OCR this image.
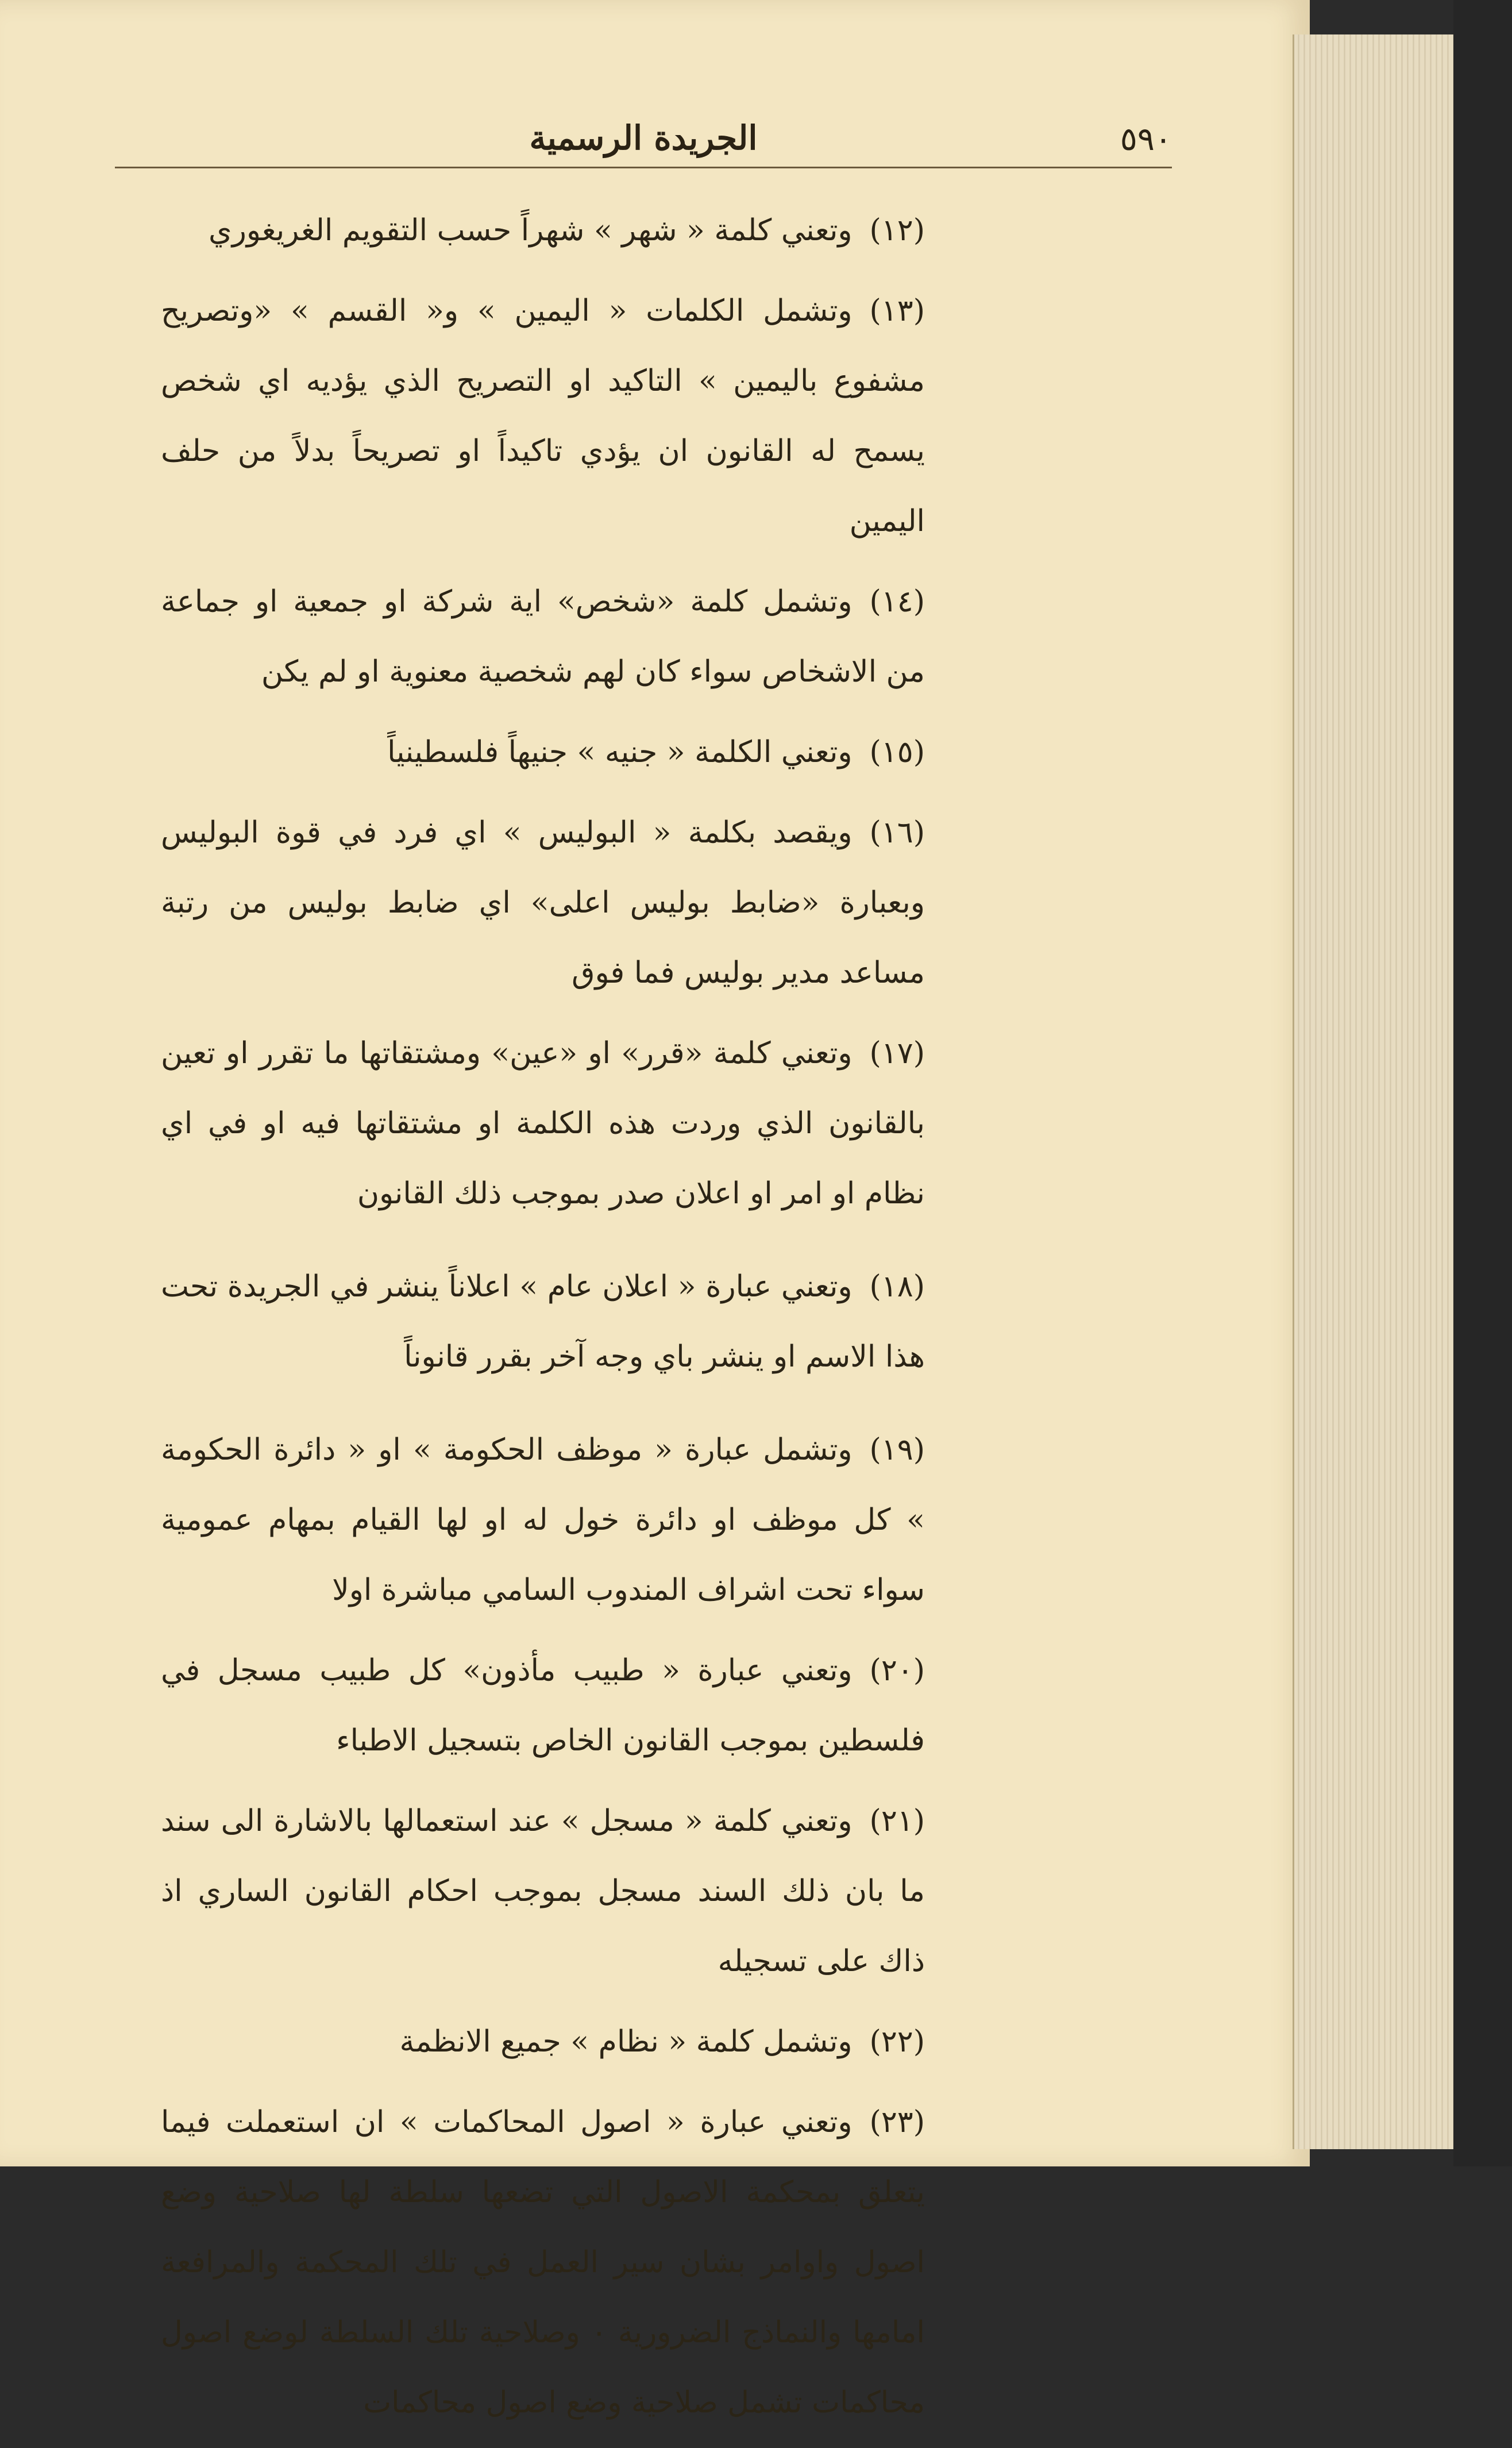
٥٩٠
الجريدة الرسمية

(١٢)وتعني كلمة « شهر » شهراً حسب التقويم الغريغوري

(١٣)وتشمل الكلمات « اليمين » و« القسم » «وتصريح مشفوع باليمين » التاكيد او التصريح الذي يؤديه اي شخص يسمح له القانون ان يؤدي تاكيداً او تصريحاً بدلاً من حلف اليمين

(١٤)وتشمل كلمة «شخص» اية شركة او جمعية او جماعة من الاشخاص سواء كان لهم شخصية معنوية او لم يكن

(١٥)وتعني الكلمة « جنيه » جنيهاً فلسطينياً

(١٦)ويقصد بكلمة « البوليس » اي فرد في قوة البوليس وبعبارة «ضابط بوليس اعلى» اي ضابط بوليس من رتبة مساعد مدير بوليس فما فوق

(١٧)وتعني كلمة «قرر» او «عين» ومشتقاتها ما تقرر او تعين بالقانون الذي وردت هذه الكلمة او مشتقاتها فيه او في اي نظام او امر او اعلان صدر بموجب ذلك القانون

(١٨)وتعني عبارة « اعلان عام » اعلاناً ينشر في الجريدة تحت هذا الاسم او ينشر باي وجه آخر بقرر قانوناً

(١٩)وتشمل عبارة « موظف الحكومة » او « دائرة الحكومة » كل موظف او دائرة خول له او لها القيام بمهام عمومية سواء تحت اشراف المندوب السامي مباشرة اولا

(٢٠)وتعني عبارة « طبيب مأذون» كل طبيب مسجل في فلسطين بموجب القانون الخاص بتسجيل الاطباء

(٢١)وتعني كلمة « مسجل » عند استعمالها بالاشارة الى سند ما بان ذلك السند مسجل بموجب احكام القانون الساري اذ ذاك على تسجيله

(٢٢)وتشمل كلمة « نظام » جميع الانظمة

(٢٣)وتعني عبارة « اصول المحاكمات » ان استعملت فيما يتعلق بمحكمة الاصول التي تضعها سلطة لها صلاحية وضع اصول واوامر بشان سير العمل في تلك المحكمة والمرافعة امامها والنماذج الضرورية ٠ وصلاحية تلك السلطة لوضع اصول محاكمات تشمل صلاحية وضع اصول محاكمات
